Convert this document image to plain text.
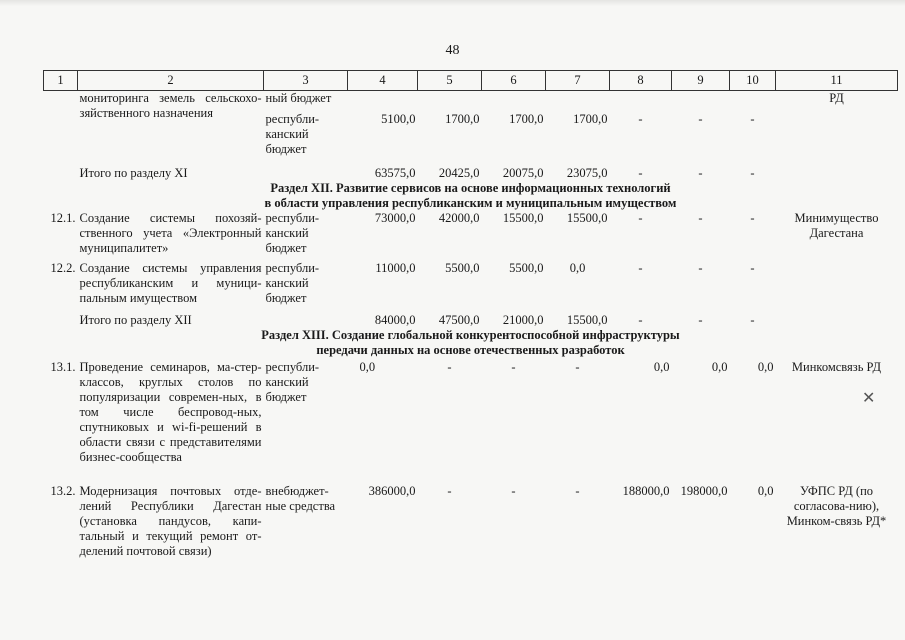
48
1	2	3	4	5	6	7	8	9	10	11
	мониторинга земель сельскохо-зяйственного назначения	ный бюджет								РД
		республи-канский бюджет	5100,0	1700,0	1700,0	1700,0	-	-	-	
	Итого по разделу XI		63575,0	20425,0	20075,0	23075,0	-	-	-	

Раздел XII. Развитие сервисов на основе информационных технологий
в области управления республиканским и муниципальным имуществом										

12.1.	Создание системы похозяй-ственного учета «Электронный муниципалитет»	республи-канский бюджет	73000,0	42000,0	15500,0	15500,0	-	-	-	Минимущество Дагестана
12.2.	Создание системы управления республиканским и муници-пальным имуществом	республи-канский бюджет	11000,0	5500,0	5500,0	0,0	-	-	-	
	Итого по разделу XII		84000,0	47500,0	21000,0	15500,0	-	-	-	

Раздел XIII. Создание глобальной конкурентоспособной инфраструктуры
передачи данных на основе отечественных разработок										

13.1.	Проведение семинаров, ма-стер-классов, круглых столов по популяризации современ-ных, в том числе беспровод-ных, спутниковых и wi-fi-решений в области связи с представителями бизнес-сообщества	республи-канский бюджет	0,0	-	-	-	0,0	0,0	0,0	Минкомсвязь РД
13.2.	Модернизация почтовых отде-лений Республики Дагестан (установка пандусов, капи-тальный и текущий ремонт от-делений почтовой связи)	внебюджет-ные средства	386000,0	-	-	-	188000,0	198000,0	0,0	УФПС РД (по согласова-нию), Минком-связь РД*
✕
